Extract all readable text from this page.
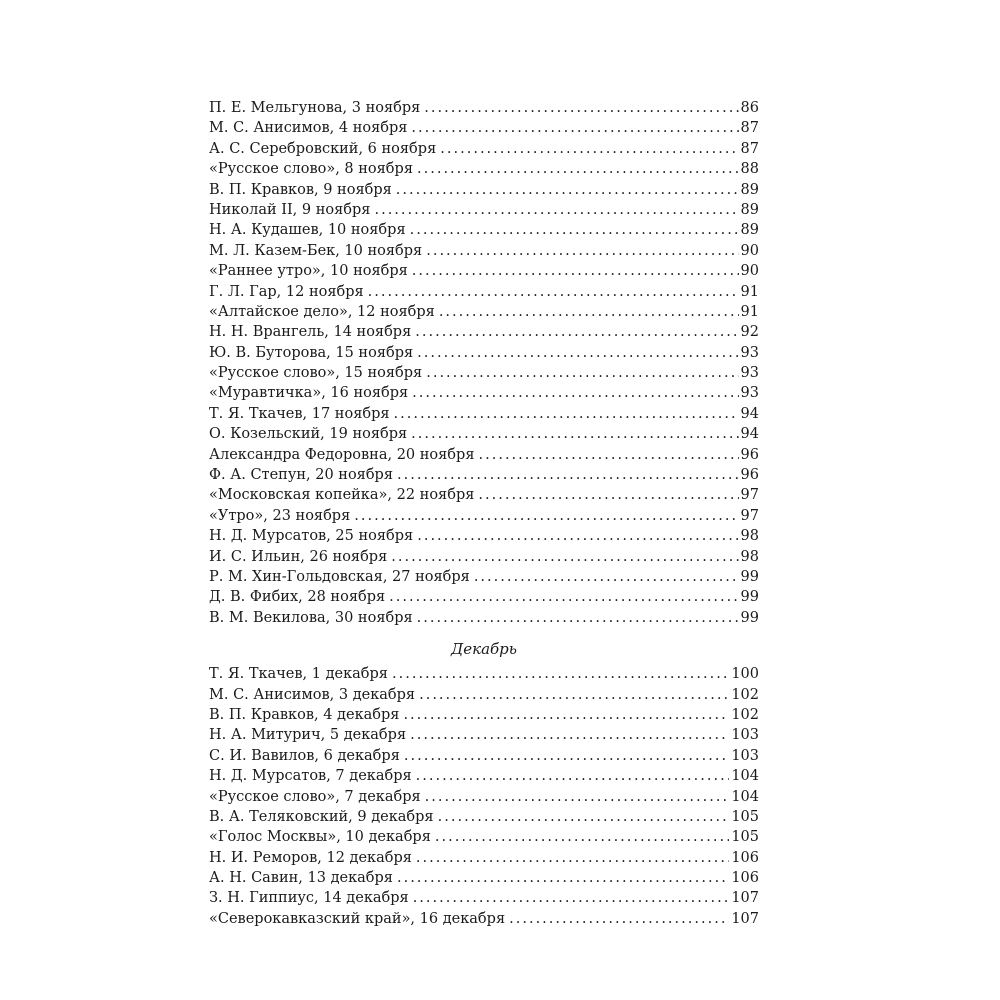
П. Е. Мельгунова, 3 ноября . . .	86
М. С. Анисимов, 4 ноября . . .	87
А. С. Серебровский, 6 ноября . . .	87
«Русское слово», 8 ноября . . .	88
В. П. Кравков, 9 ноября . . .	89
Николай II, 9 ноября . . .	89
Н. А. Кудашев, 10 ноября . . .	89
М. Л. Казем-Бек, 10 ноября . . .	90
«Раннее утро», 10 ноября . . .	90
Г. Л. Гар, 12 ноября . . .	91
«Алтайское дело», 12 ноября . . .	91
Н. Н. Врангель, 14 ноября . . .	92
Ю. В. Буторова, 15 ноября . . .	93
«Русское слово», 15 ноября . . .	93
«Муравтичка», 16 ноября . . .	93
Т. Я. Ткачев, 17 ноября . . .	94
О. Козельский, 19 ноября . . .	94
Александра Федоровна, 20 ноября . . .	96
Ф. А. Степун, 20 ноября . . .	96
«Московская копейка», 22 ноября . . .	97
«Утро», 23 ноября . . .	97
Н. Д. Мурсатов, 25 ноября . . .	98
И. С. Ильин, 26 ноября . . .	98
Р. М. Хин-Гольдовская, 27 ноября . . .	99
Д. В. Фибих, 28 ноября . . .	99
В. М. Векилова, 30 ноября . . .	99
Декабрь
Т. Я. Ткачев, 1 декабря . . .	100
М. С. Анисимов, 3 декабря . . .	102
В. П. Кравков, 4 декабря . . .	102
Н. А. Митурич, 5 декабря . . .	103
С. И. Вавилов, 6 декабря . . .	103
Н. Д. Мурсатов, 7 декабря . . .	104
«Русское слово», 7 декабря . . .	104
В. А. Теляковский, 9 декабря . . .	105
«Голос Москвы», 10 декабря . . .	105
Н. И. Реморов, 12 декабря . . .	106
А. Н. Савин, 13 декабря . . .	106
З. Н. Гиппиус, 14 декабря . . .	107
«Северокавказский край», 16 декабря . . .	107
